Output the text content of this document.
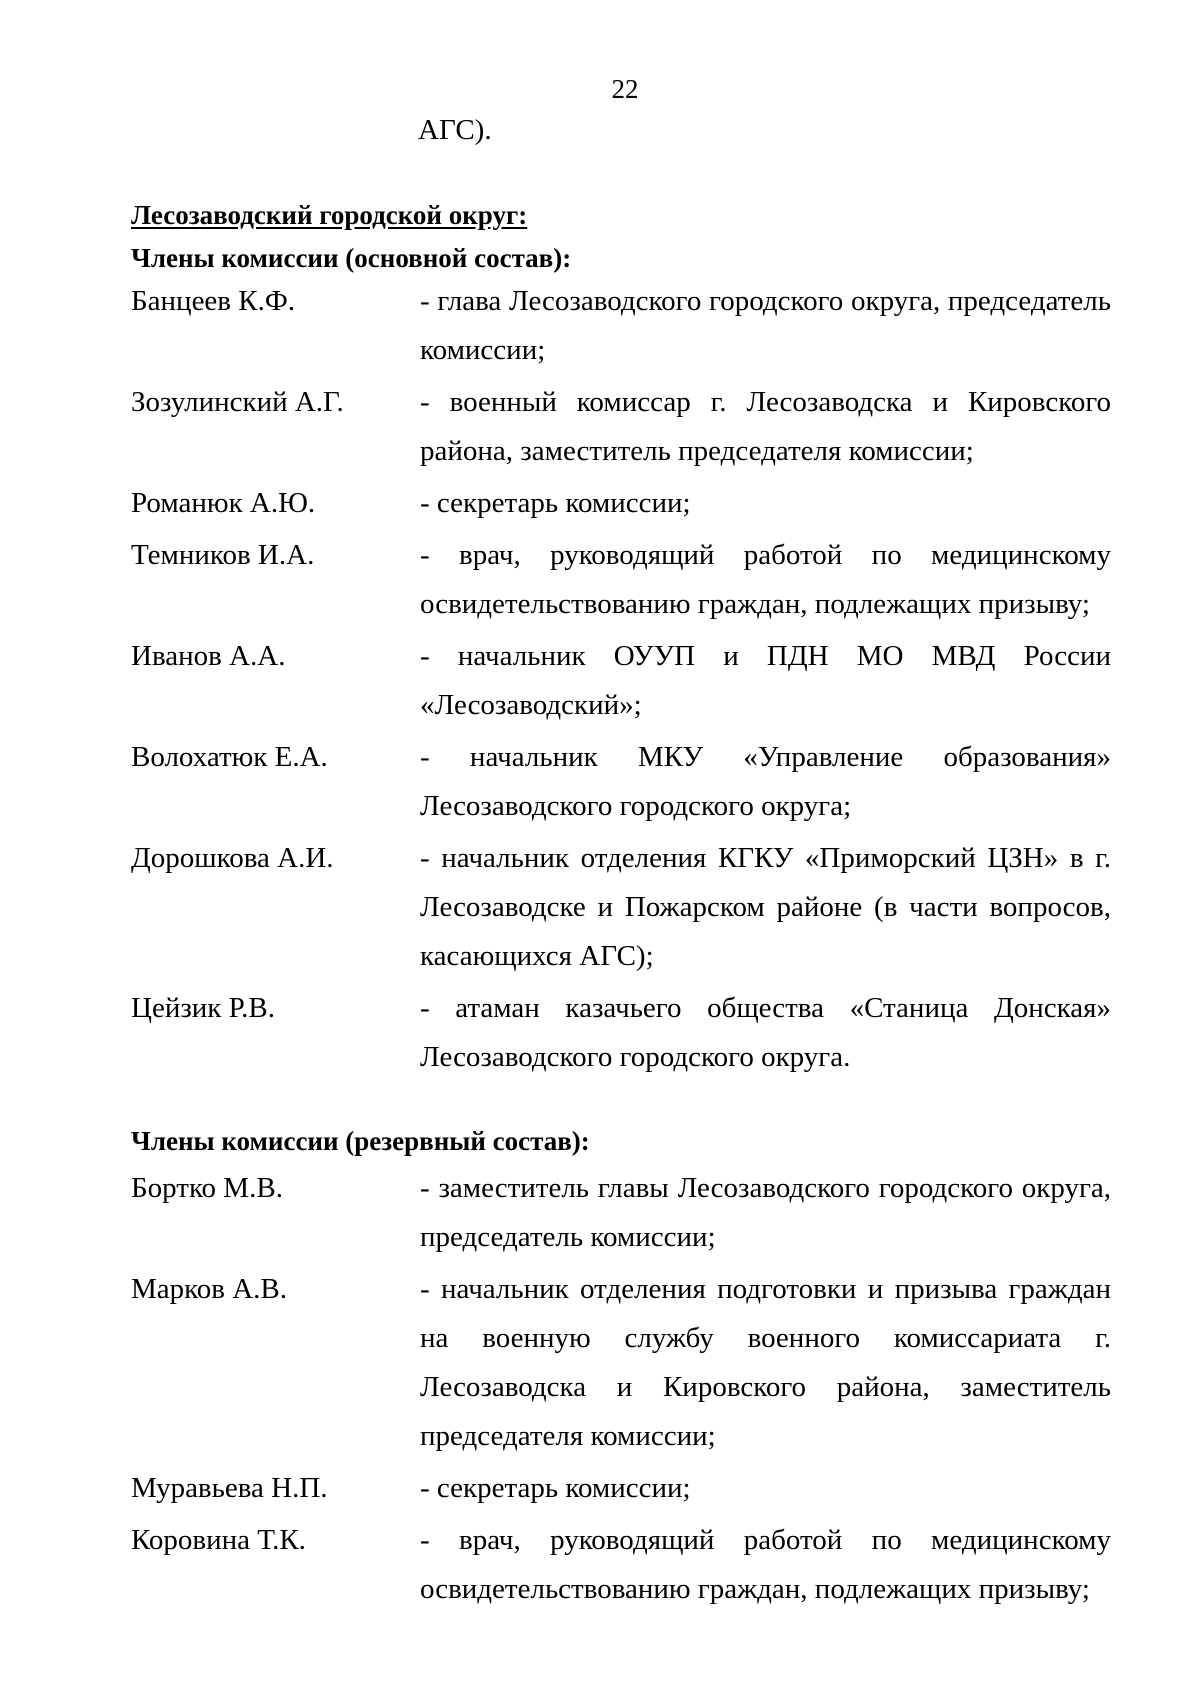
22
АГС).
Лесозаводский городской округ:
Члены комиссии (основной состав):
Банцеев К.Ф.	- глава Лесозаводского городского округа, председатель комиссии;
Зозулинский А.Г.	- военный комиссар г. Лесозаводска и Кировского района, заместитель председателя комиссии;
Романюк А.Ю.	- секретарь комиссии;
Темников И.А.	- врач, руководящий работой по медицинскому освидетельствованию граждан, подлежащих призыву;
Иванов А.А.	- начальник ОУУП и ПДН МО МВД России «Лесозаводский»;
Волохатюк Е.А.	- начальник МКУ «Управление образования» Лесозаводского городского округа;
Дорошкова А.И.	- начальник отделения КГКУ «Приморский ЦЗН» в г. Лесозаводске и Пожарском районе (в части вопросов, касающихся АГС);
Цейзик Р.В.	- атаман казачьего общества «Станица Донская» Лесозаводского городского округа.
Члены комиссии (резервный состав):
Бортко М.В.	- заместитель главы Лесозаводского городского округа, председатель комиссии;
Марков А.В.	- начальник отделения подготовки и призыва граждан на военную службу военного комиссариата г. Лесозаводска и Кировского района, заместитель председателя комиссии;
Муравьева Н.П.	- секретарь комиссии;
Коровина Т.К.	- врач, руководящий работой по медицинскому освидетельствованию граждан, подлежащих призыву;
